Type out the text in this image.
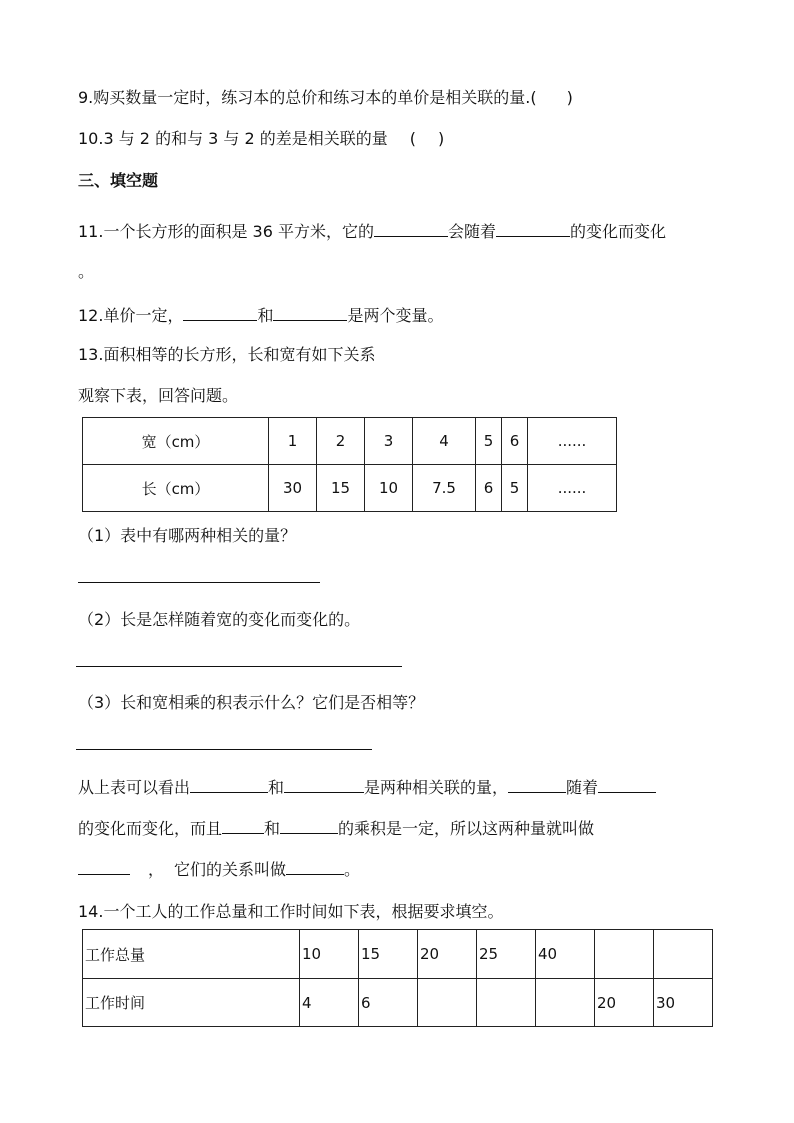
9.购买数量一定时，练习本的总价和练习本的单价是相关联的量.( )
10.3 与 2 的和与 3 与 2 的差是相关联的量 ( )
三、填空题
11.一个长方形的面积是 36 平方米，它的	会随着	的变化而变化
。
12.单价一定，	和	是两个变量。
13.面积相等的长方形，长和宽有如下关系
观察下表，回答问题。
宽（cm）	1	2	3	4	5	6	......
长（cm）	30	15	10	7.5	6	5	......
（1）表中有哪两种相关的量？
（2）长是怎样随着宽的变化而变化的。
（3）长和宽相乘的积表示什么？它们是否相等？
从上表可以看出	和	是两种相关联的量，	随着
的变化而变化，而且	和	的乘积是一定，所以这两种量就叫做
， 它们的关系叫做	。
14.一个工人的工作总量和工作时间如下表，根据要求填空。
工作总量	10	15	20	25	40		
工作时间	4	6				20	30
